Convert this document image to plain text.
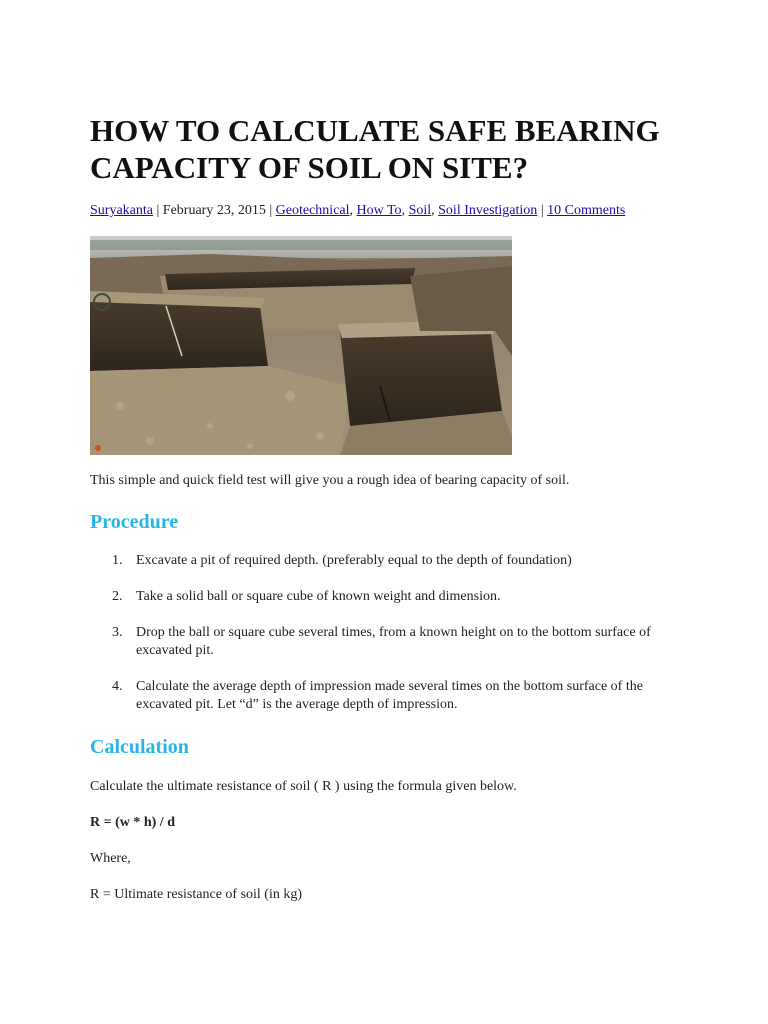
HOW TO CALCULATE SAFE BEARING CAPACITY OF SOIL ON SITE?
Suryakanta | February 23, 2015 | Geotechnical, How To, Soil, Soil Investigation | 10 Comments

This simple and quick field test will give you a rough idea of bearing capacity of soil.

Procedure
1. Excavate a pit of required depth. (preferably equal to the depth of foundation)
2. Take a solid ball or square cube of known weight and dimension.
3. Drop the ball or square cube several times, from a known height on to the bottom surface of excavated pit.
4. Calculate the average depth of impression made several times on the bottom surface of the excavated pit. Let “d” is the average depth of impression.
Calculation

Calculate the ultimate resistance of soil ( R ) using the formula given below.

R = (w * h) / d

Where,

R = Ultimate resistance of soil (in kg)
